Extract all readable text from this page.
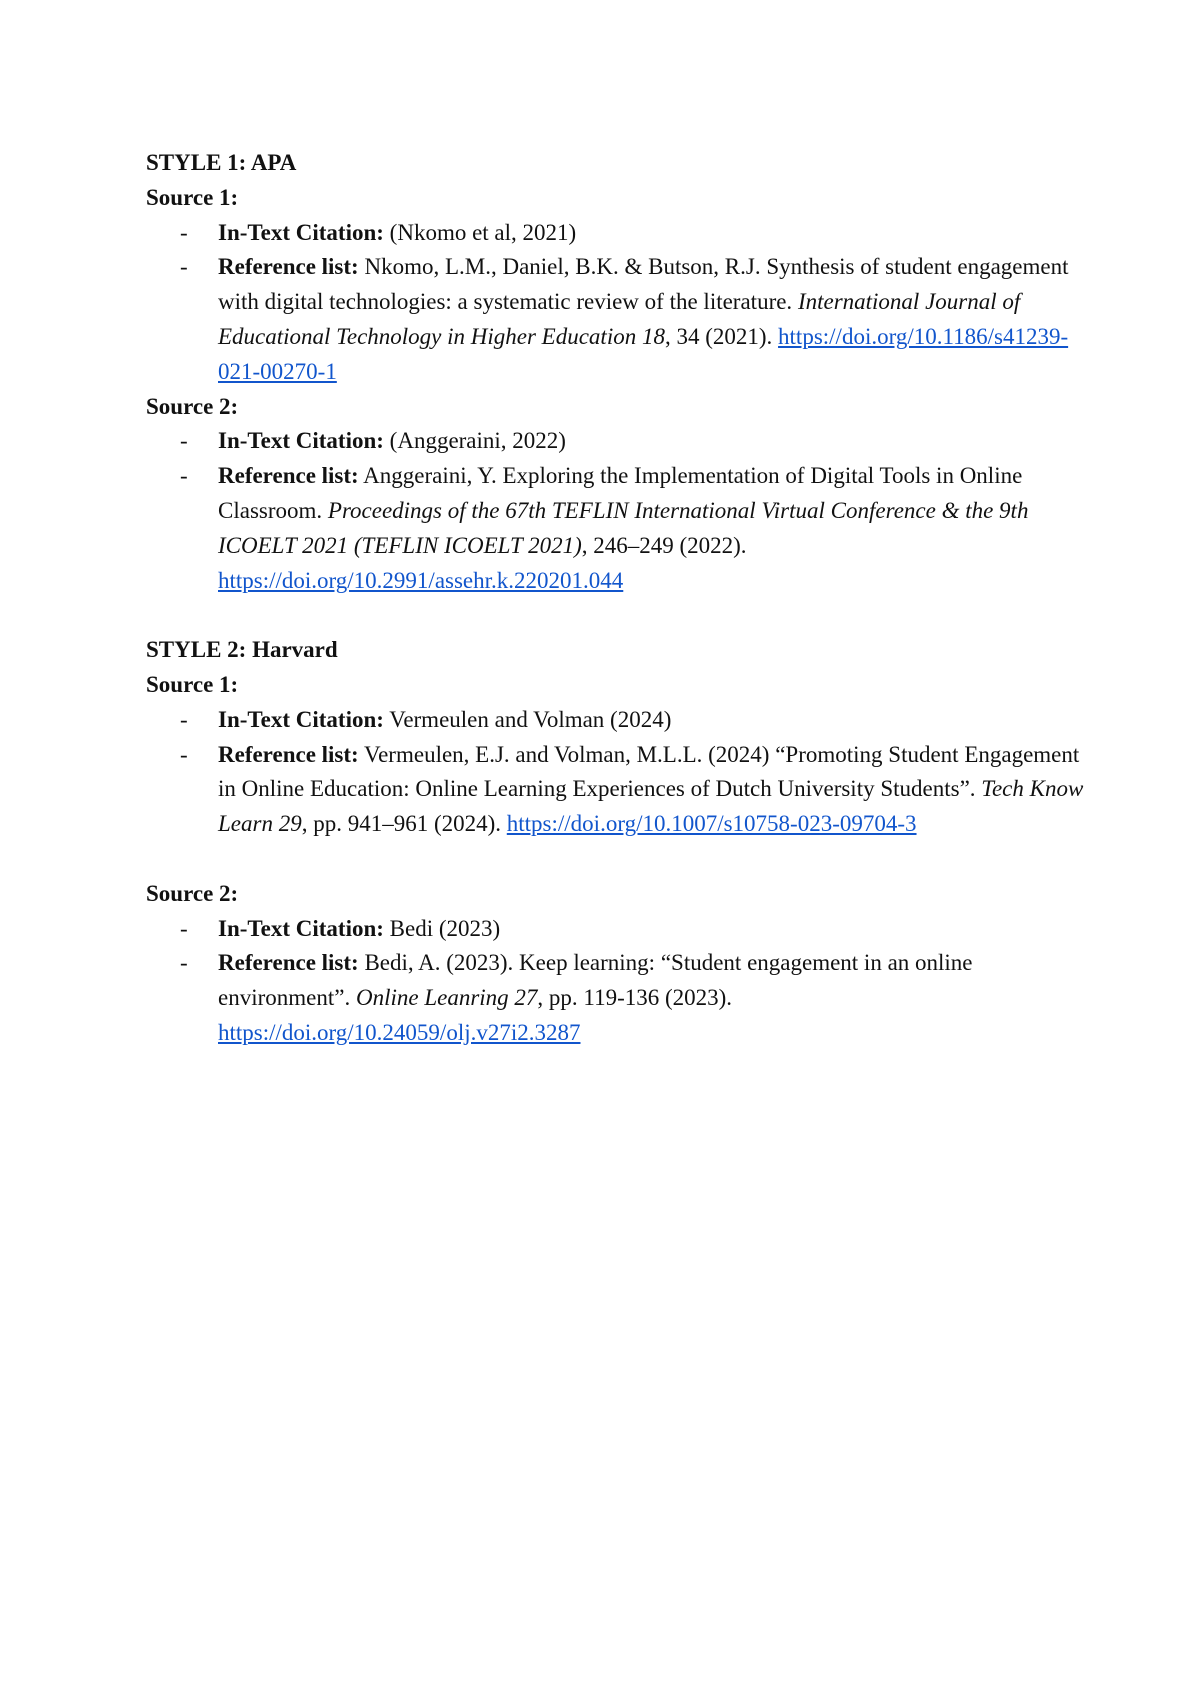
STYLE 1: APA

Source 1:

- In-Text Citation: (Nkomo et al, 2021)
- Reference list: Nkomo, L.M., Daniel, B.K. & Butson, R.J. Synthesis of student engagement with digital technologies: a systematic review of the literature. International Journal of Educational Technology in Higher Education 18, 34 (2021). https://doi.org/10.1186/s41239-021-00270-1

Source 2:

- In-Text Citation: (Anggeraini, 2022)
- Reference list: Anggeraini, Y. Exploring the Implementation of Digital Tools in Online Classroom. Proceedings of the 67th TEFLIN International Virtual Conference & the 9th ICOELT 2021 (TEFLIN ICOELT 2021), 246–249 (2022). https://doi.org/10.2991/assehr.k.220201.044

STYLE 2: Harvard

Source 1:

- In-Text Citation: Vermeulen and Volman (2024)
- Reference list: Vermeulen, E.J. and Volman, M.L.L. (2024) “Promoting Student Engagement in Online Education: Online Learning Experiences of Dutch University Students”. Tech Know Learn 29, pp. 941–961 (2024). https://doi.org/10.1007/s10758-023-09704-3

Source 2:

- In-Text Citation: Bedi (2023)
- Reference list: Bedi, A. (2023). Keep learning: “Student engagement in an online environment”. Online Leanring 27, pp. 119-136 (2023). https://doi.org/10.24059/olj.v27i2.3287
